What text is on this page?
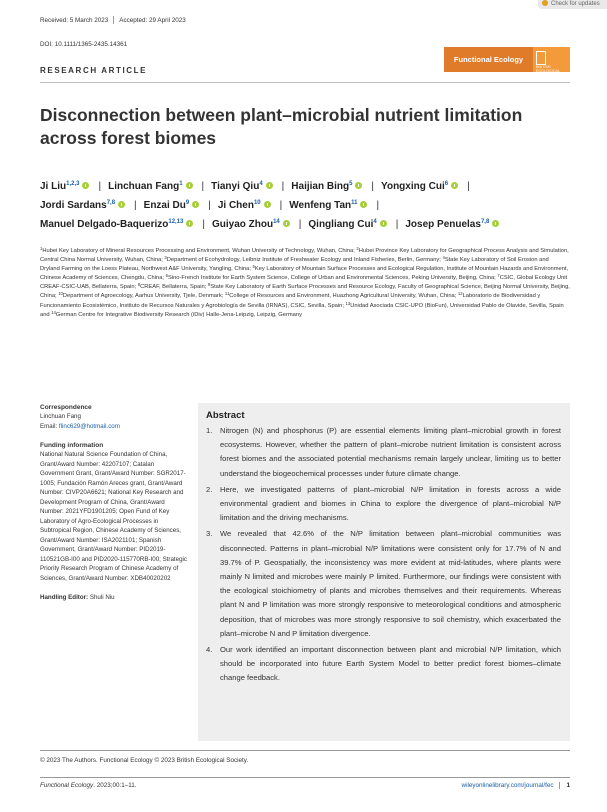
Check for updates
Received: 5 March 2023 Accepted: 29 April 2023
DOI: 10.1111/1365-2435.14361
Functional Ecology
BRITISH
ECOLOGICAL
SOCIETY
RESEARCH ARTICLE
Disconnection between plant–microbial nutrient limitation across forest biomes
Ji Liu$^{1,2,3}$ | Linchuan Fang$^1$ | Tianyi Qiu$^4$ | Haijian Bing$^5$ | Yongxing Cui$^6$ |
Jordi Sardans$^{7,8}$ | Enzai Du$^9$ | Ji Chen$^{10}$ | Wenfeng Tan$^{11}$ |
Manuel Delgado-Baquerizo$^{12,13}$ | Guiyao Zhou$^{14}$ | Qingliang Cui$^4$ | Josep Penuelas$^{7,8}$
$^1$Hubei Key Laboratory of Mineral Resources Processing and Environment, Wuhan University of Technology, Wuhan, China; $^2$Hubei Province Key Laboratory for Geographical Process Analysis and Simulation, Central China Normal University, Wuhan, China; $^3$Department of Ecohydrology, Leibniz Institute of Freshwater Ecology and Inland Fisheries, Berlin, Germany; $^4$State Key Laboratory of Soil Erosion and Dryland Farming on the Loess Plateau, Northwest A&F University, Yangling, China; $^5$Key Laboratory of Mountain Surface Processes and Ecological Regulation, Institute of Mountain Hazards and Environment, Chinese Academy of Sciences, Chengdu, China; $^6$Sino-French Institute for Earth System Science, College of Urban and Environmental Sciences, Peking University, Beijing, China; $^7$CSIC, Global Ecology Unit CREAF-CSIC-UAB, Bellaterra, Spain; $^8$CREAF, Bellaterra, Spain; $^9$State Key Laboratory of Earth Surface Processes and Resource Ecology, Faculty of Geographical Science, Beijing Normal University, Beijing, China; $^{10}$Department of Agroecology, Aarhus University, Tjele, Denmark; $^{11}$College of Resources and Environment, Huazhong Agricultural University, Wuhan, China; $^{12}$Laboratorio de Biodiversidad y Funcionamiento Ecosistémico, Instituto de Recursos Naturales y Agrobiología de Sevilla (IRNAS), CSIC, Sevilla, Spain; $^{13}$Unidad Asociada CSIC-UPO (BioFun), Universidad Pablo de Olavide, Sevilla, Spain and $^{14}$German Centre for Integrative Biodiversity Research (iDiv) Halle-Jena-Leipzig, Leipzig, Germany
Correspondence
Linchuan Fang
Email: flinc629@hotmail.com
Funding information
National Natural Science Foundation of China, Grant/Award Number: 42207107; Catalan Government Grant, Grant/Award Number: SGR2017-1005; Fundación Ramón Areces grant, Grant/Award Number: CIVP20A6621; National Key Research and Development Program of China, Grant/Award Number: 2021YFD1901205; Open Fund of Key Laboratory of Agro-Ecological Processes in Subtropical Region, Chinese Academy of Sciences, Grant/Award Number: ISA2021101; Spanish Government, Grant/Award Number: PID2019-110521GB-I00 and PID2020-115770RB-I00; Strategic Priority Research Program of Chinese Academy of Sciences, Grant/Award Number: XDB40020202
Handling Editor: Shuli Niu
Abstract
1. Nitrogen (N) and phosphorus (P) are essential elements limiting plant–microbial growth in forest ecosystems. However, whether the pattern of plant–microbe nutrient limitation is consistent across forest biomes and the associated potential mechanisms remain largely unclear, limiting us to better understand the biogeochemical processes under future climate change.
2. Here, we investigated patterns of plant–microbial N/P limitation in forests across a wide environmental gradient and biomes in China to explore the divergence of plant–microbial N/P limitation and the driving mechanisms.
3. We revealed that 42.6% of the N/P limitation between plant–microbial communities was disconnected. Patterns in plant–microbial N/P limitations were consistent only for 17.7% of N and 39.7% of P. Geospatially, the inconsistency was more evident at mid-latitudes, where plants were mainly N limited and microbes were mainly P limited. Furthermore, our findings were consistent with the ecological stoichiometry of plants and microbes themselves and their requirements. Whereas plant N and P limitation was more strongly responsive to meteorological conditions and atmospheric deposition, that of microbes was more strongly responsive to soil chemistry, which exacerbated the plant–microbe N and P limitation divergence.
4. Our work identified an important disconnection between plant and microbial N/P limitation, which should be incorporated into future Earth System Model to better predict forest biomes–climate change feedback.
© 2023 The Authors. Functional Ecology © 2023 British Ecological Society.
Functional Ecology. 2023;00:1–11.	wileyonlinelibrary.com/journal/fec 1
